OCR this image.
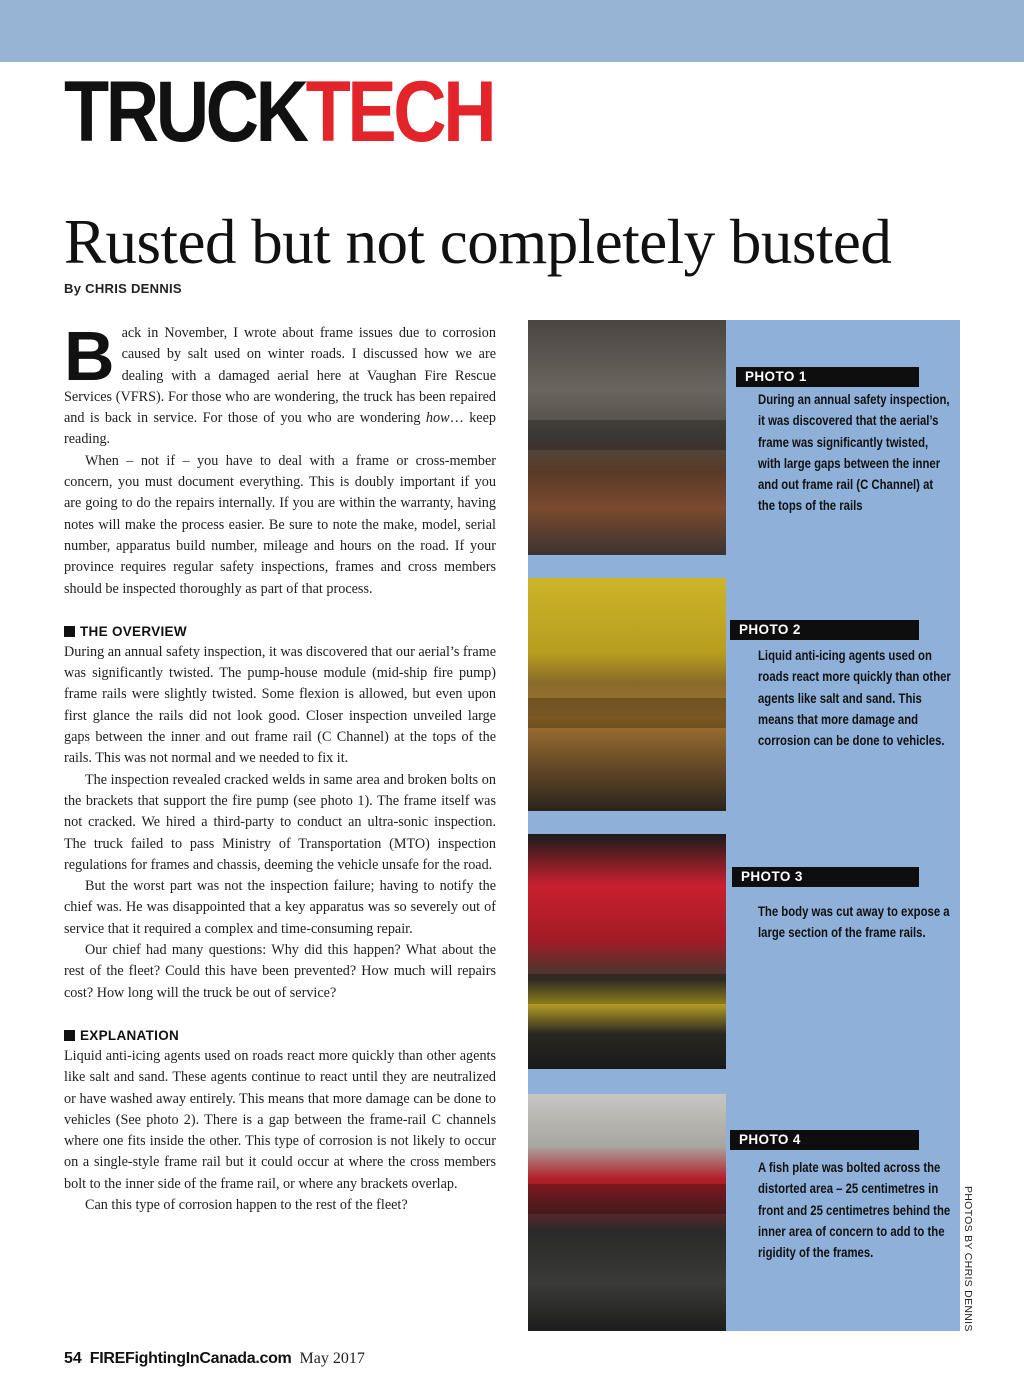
TRUCKTECH
Rusted but not completely busted
By CHRIS DENNIS

Back in November, I wrote about frame issues due to corrosion caused by salt used on winter roads. I discussed how we are dealing with a damaged aerial here at Vaughan Fire Rescue Services (VFRS). For those who are wondering, the truck has been repaired and is back in service. For those of you who are wondering how… keep reading.

When – not if – you have to deal with a frame or cross-member concern, you must document everything. This is doubly important if you are going to do the repairs internally. If you are within the warranty, having notes will make the process easier. Be sure to note the make, model, serial number, apparatus build number, mileage and hours on the road. If your province requires regular safety inspections, frames and cross members should be inspected thoroughly as part of that process.

THE OVERVIEW

During an annual safety inspection, it was discovered that our aerial’s frame was significantly twisted. The pump-house module (mid-ship fire pump) frame rails were slightly twisted. Some flexion is allowed, but even upon first glance the rails did not look good. Closer inspection unveiled large gaps between the inner and out frame rail (C Channel) at the tops of the rails. This was not normal and we needed to fix it.

The inspection revealed cracked welds in same area and broken bolts on the brackets that support the fire pump (see photo 1). The frame itself was not cracked. We hired a third-party to conduct an ultra-sonic inspection. The truck failed to pass Ministry of Transportation (MTO) inspection regulations for frames and chassis, deeming the vehicle unsafe for the road.

But the worst part was not the inspection failure; having to notify the chief was. He was disappointed that a key apparatus was so severely out of service that it required a complex and time-consuming repair.

Our chief had many questions: Why did this happen? What about the rest of the fleet? Could this have been prevented? How much will repairs cost? How long will the truck be out of service?

EXPLANATION

Liquid anti-icing agents used on roads react more quickly than other agents like salt and sand. These agents continue to react until they are neutralized or have washed away entirely. This means that more damage can be done to vehicles (See photo 2). There is a gap between the frame-rail C channels where one fits inside the other. This type of corrosion is not likely to occur on a single-style frame rail but it could occur at where the cross members bolt to the inner side of the frame rail, or where any brackets overlap.

Can this type of corrosion happen to the rest of the fleet?

PHOTO 1

During an annual safety inspection, it was discovered that the aerial’s frame was significantly twisted, with large gaps between the inner and out frame rail (C Channel) at the tops of the rails

PHOTO 2

Liquid anti-icing agents used on roads react more quickly than other agents like salt and sand. This means that more damage and corrosion can be done to vehicles.

PHOTO 3

The body was cut away to expose a large section of the frame rails.

PHOTO 4

A fish plate was bolted across the distorted area – 25 centimetres in front and 25 centimetres behind the inner area of concern to add to the rigidity of the frames.	PHOTOS BY CHRIS DENNIS
54 FIREFightingInCanada.com May 2017
